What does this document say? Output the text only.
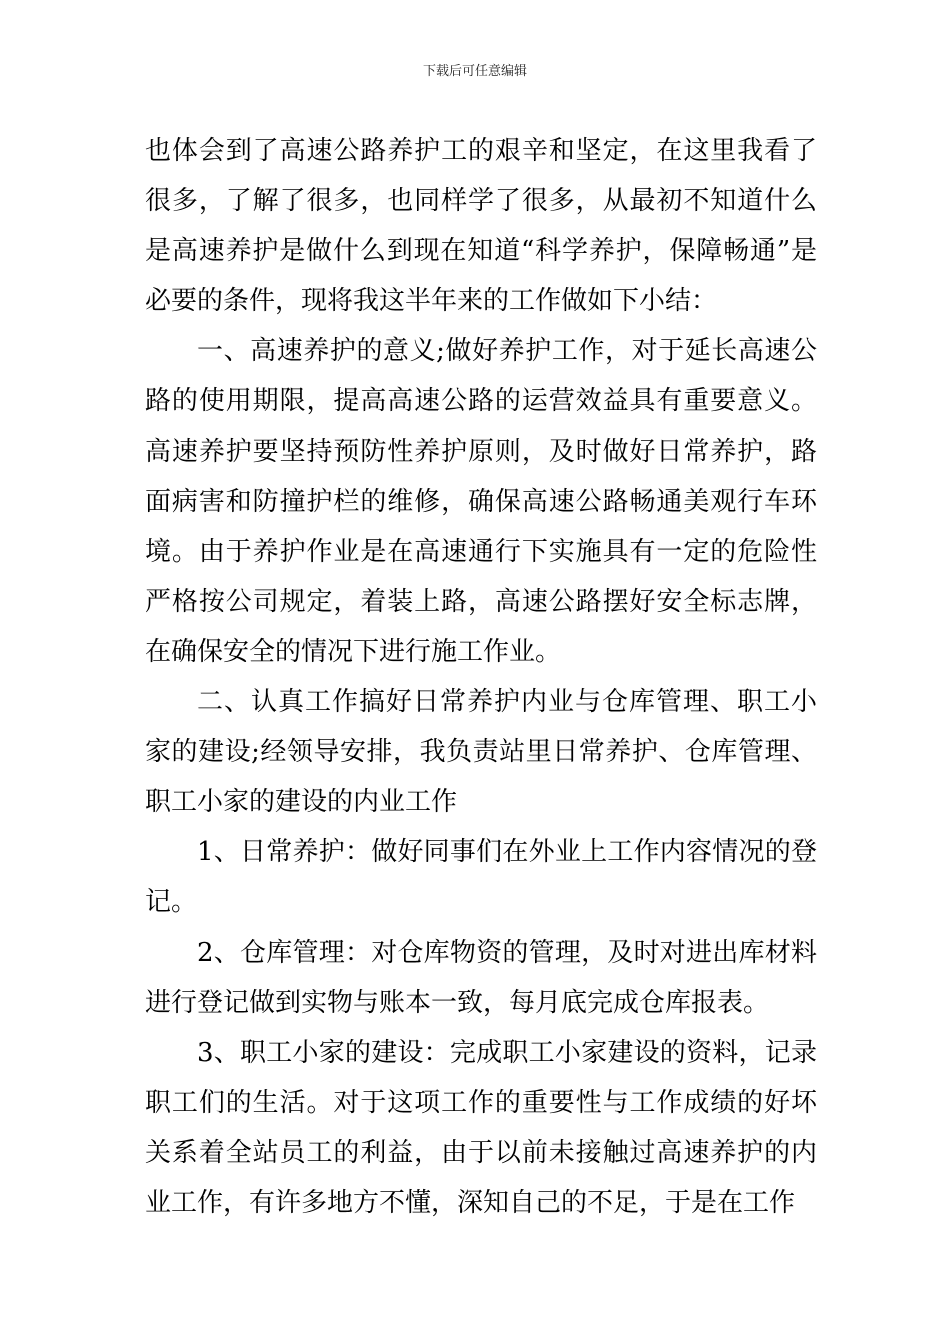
下载后可任意编辑

也体会到了高速公路养护工的艰辛和坚定，在这里我看了很多，了解了很多，也同样学了很多，从最初不知道什么是高速养护是做什么到现在知道“科学养护，保障畅通”是必要的条件，现将我这半年来的工作做如下小结：

一、高速养护的意义;做好养护工作，对于延长高速公路的使用期限，提高高速公路的运营效益具有重要意义。高速养护要坚持预防性养护原则，及时做好日常养护，路面病害和防撞护栏的维修，确保高速公路畅通美观行车环境。由于养护作业是在高速通行下实施具有一定的危险性严格按公司规定，着装上路，高速公路摆好安全标志牌，在确保安全的情况下进行施工作业。

二、认真工作搞好日常养护内业与仓库管理、职工小家的建设;经领导安排，我负责站里日常养护、仓库管理、职工小家的建设的内业工作

1、日常养护：做好同事们在外业上工作内容情况的登记。

2、仓库管理：对仓库物资的管理，及时对进出库材料进行登记做到实物与账本一致，每月底完成仓库报表。

3、职工小家的建设：完成职工小家建设的资料，记录职工们的生活。对于这项工作的重要性与工作成绩的好坏关系着全站员工的利益，由于以前未接触过高速养护的内业工作，有许多地方不懂，深知自己的不足，于是在工作
